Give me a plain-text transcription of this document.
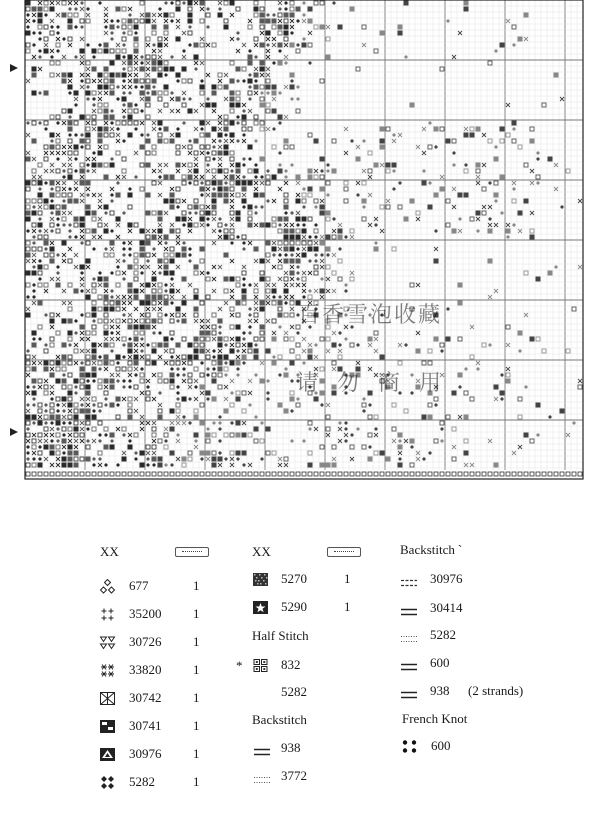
百香雪泡收藏
请 勿 商 用
XX	XX
Half Stitch
Backstitch
Backstitch `
French Knot
677	1
35200 1
30726 1
33820 1
30742 1
30741 1
30976 1
5282	1
5270	1
5290	1
*	832
5282
938
3772
30976
30414
5282
600
938 (2 strands)
600
